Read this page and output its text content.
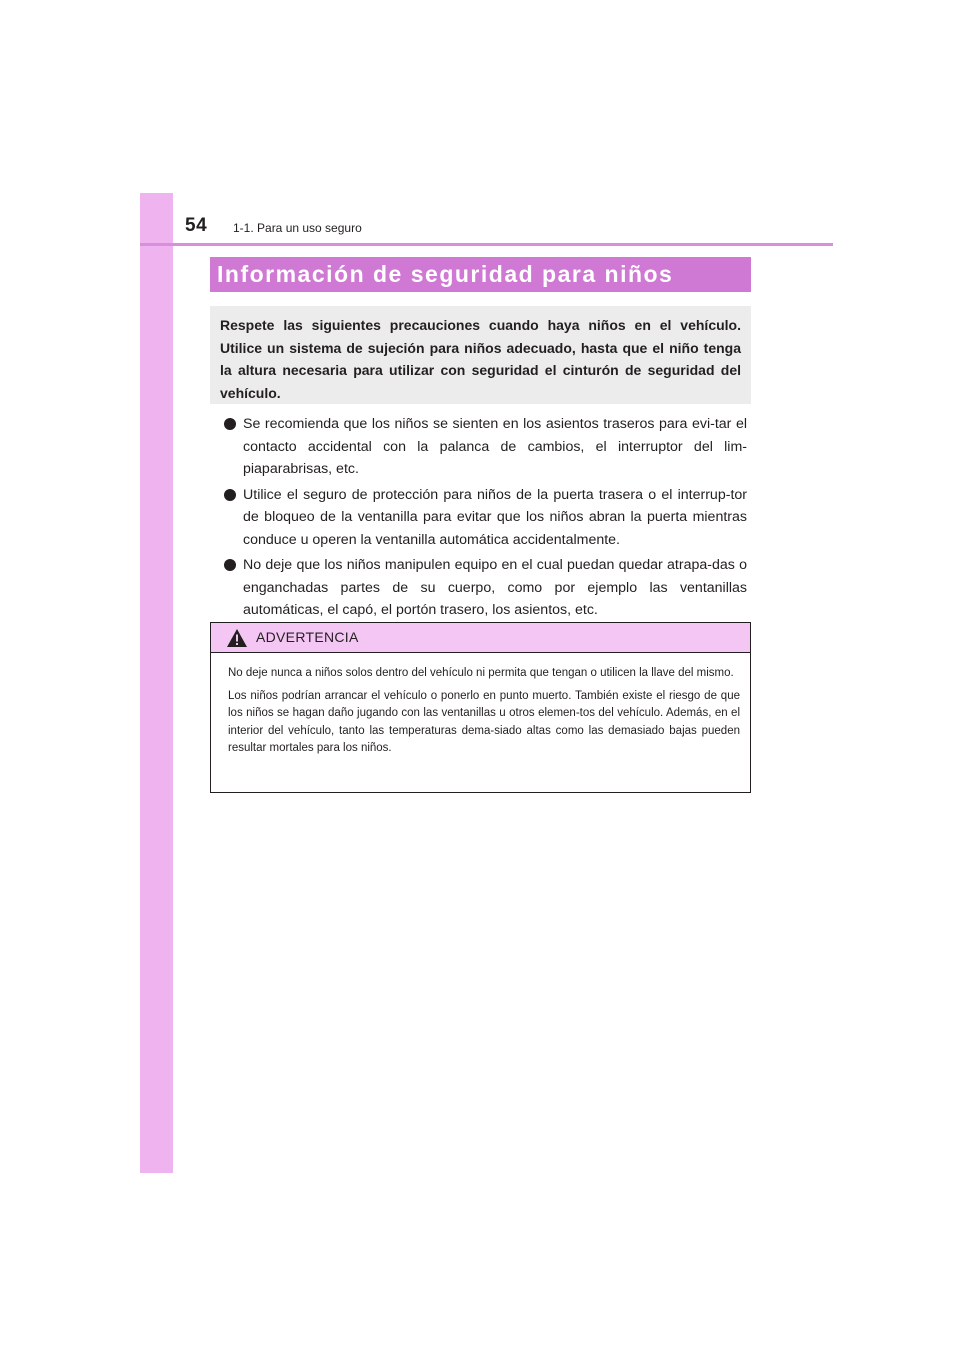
54 1-1. Para un uso seguro
Información de seguridad para niños
Respete las siguientes precauciones cuando haya niños en el vehículo. Utilice un sistema de sujeción para niños adecuado, hasta que el niño tenga la altura necesaria para utilizar con seguridad el cinturón de seguridad del vehículo.
Se recomienda que los niños se sienten en los asientos traseros para evi-tar el contacto accidental con la palanca de cambios, el interruptor del lim-piaparabrisas, etc.
Utilice el seguro de protección para niños de la puerta trasera o el interrup-tor de bloqueo de la ventanilla para evitar que los niños abran la puerta mientras conduce u operen la ventanilla automática accidentalmente.
No deje que los niños manipulen equipo en el cual puedan quedar atrapa-das o enganchadas partes de su cuerpo, como por ejemplo las ventanillas automáticas, el capó, el portón trasero, los asientos, etc.
ADVERTENCIA

No deje nunca a niños solos dentro del vehículo ni permita que tengan o utilicen la llave del mismo.

Los niños podrían arrancar el vehículo o ponerlo en punto muerto. También existe el riesgo de que los niños se hagan daño jugando con las ventanillas u otros elemen-tos del vehículo. Además, en el interior del vehículo, tanto las temperaturas dema-siado altas como las demasiado bajas pueden resultar mortales para los niños.
